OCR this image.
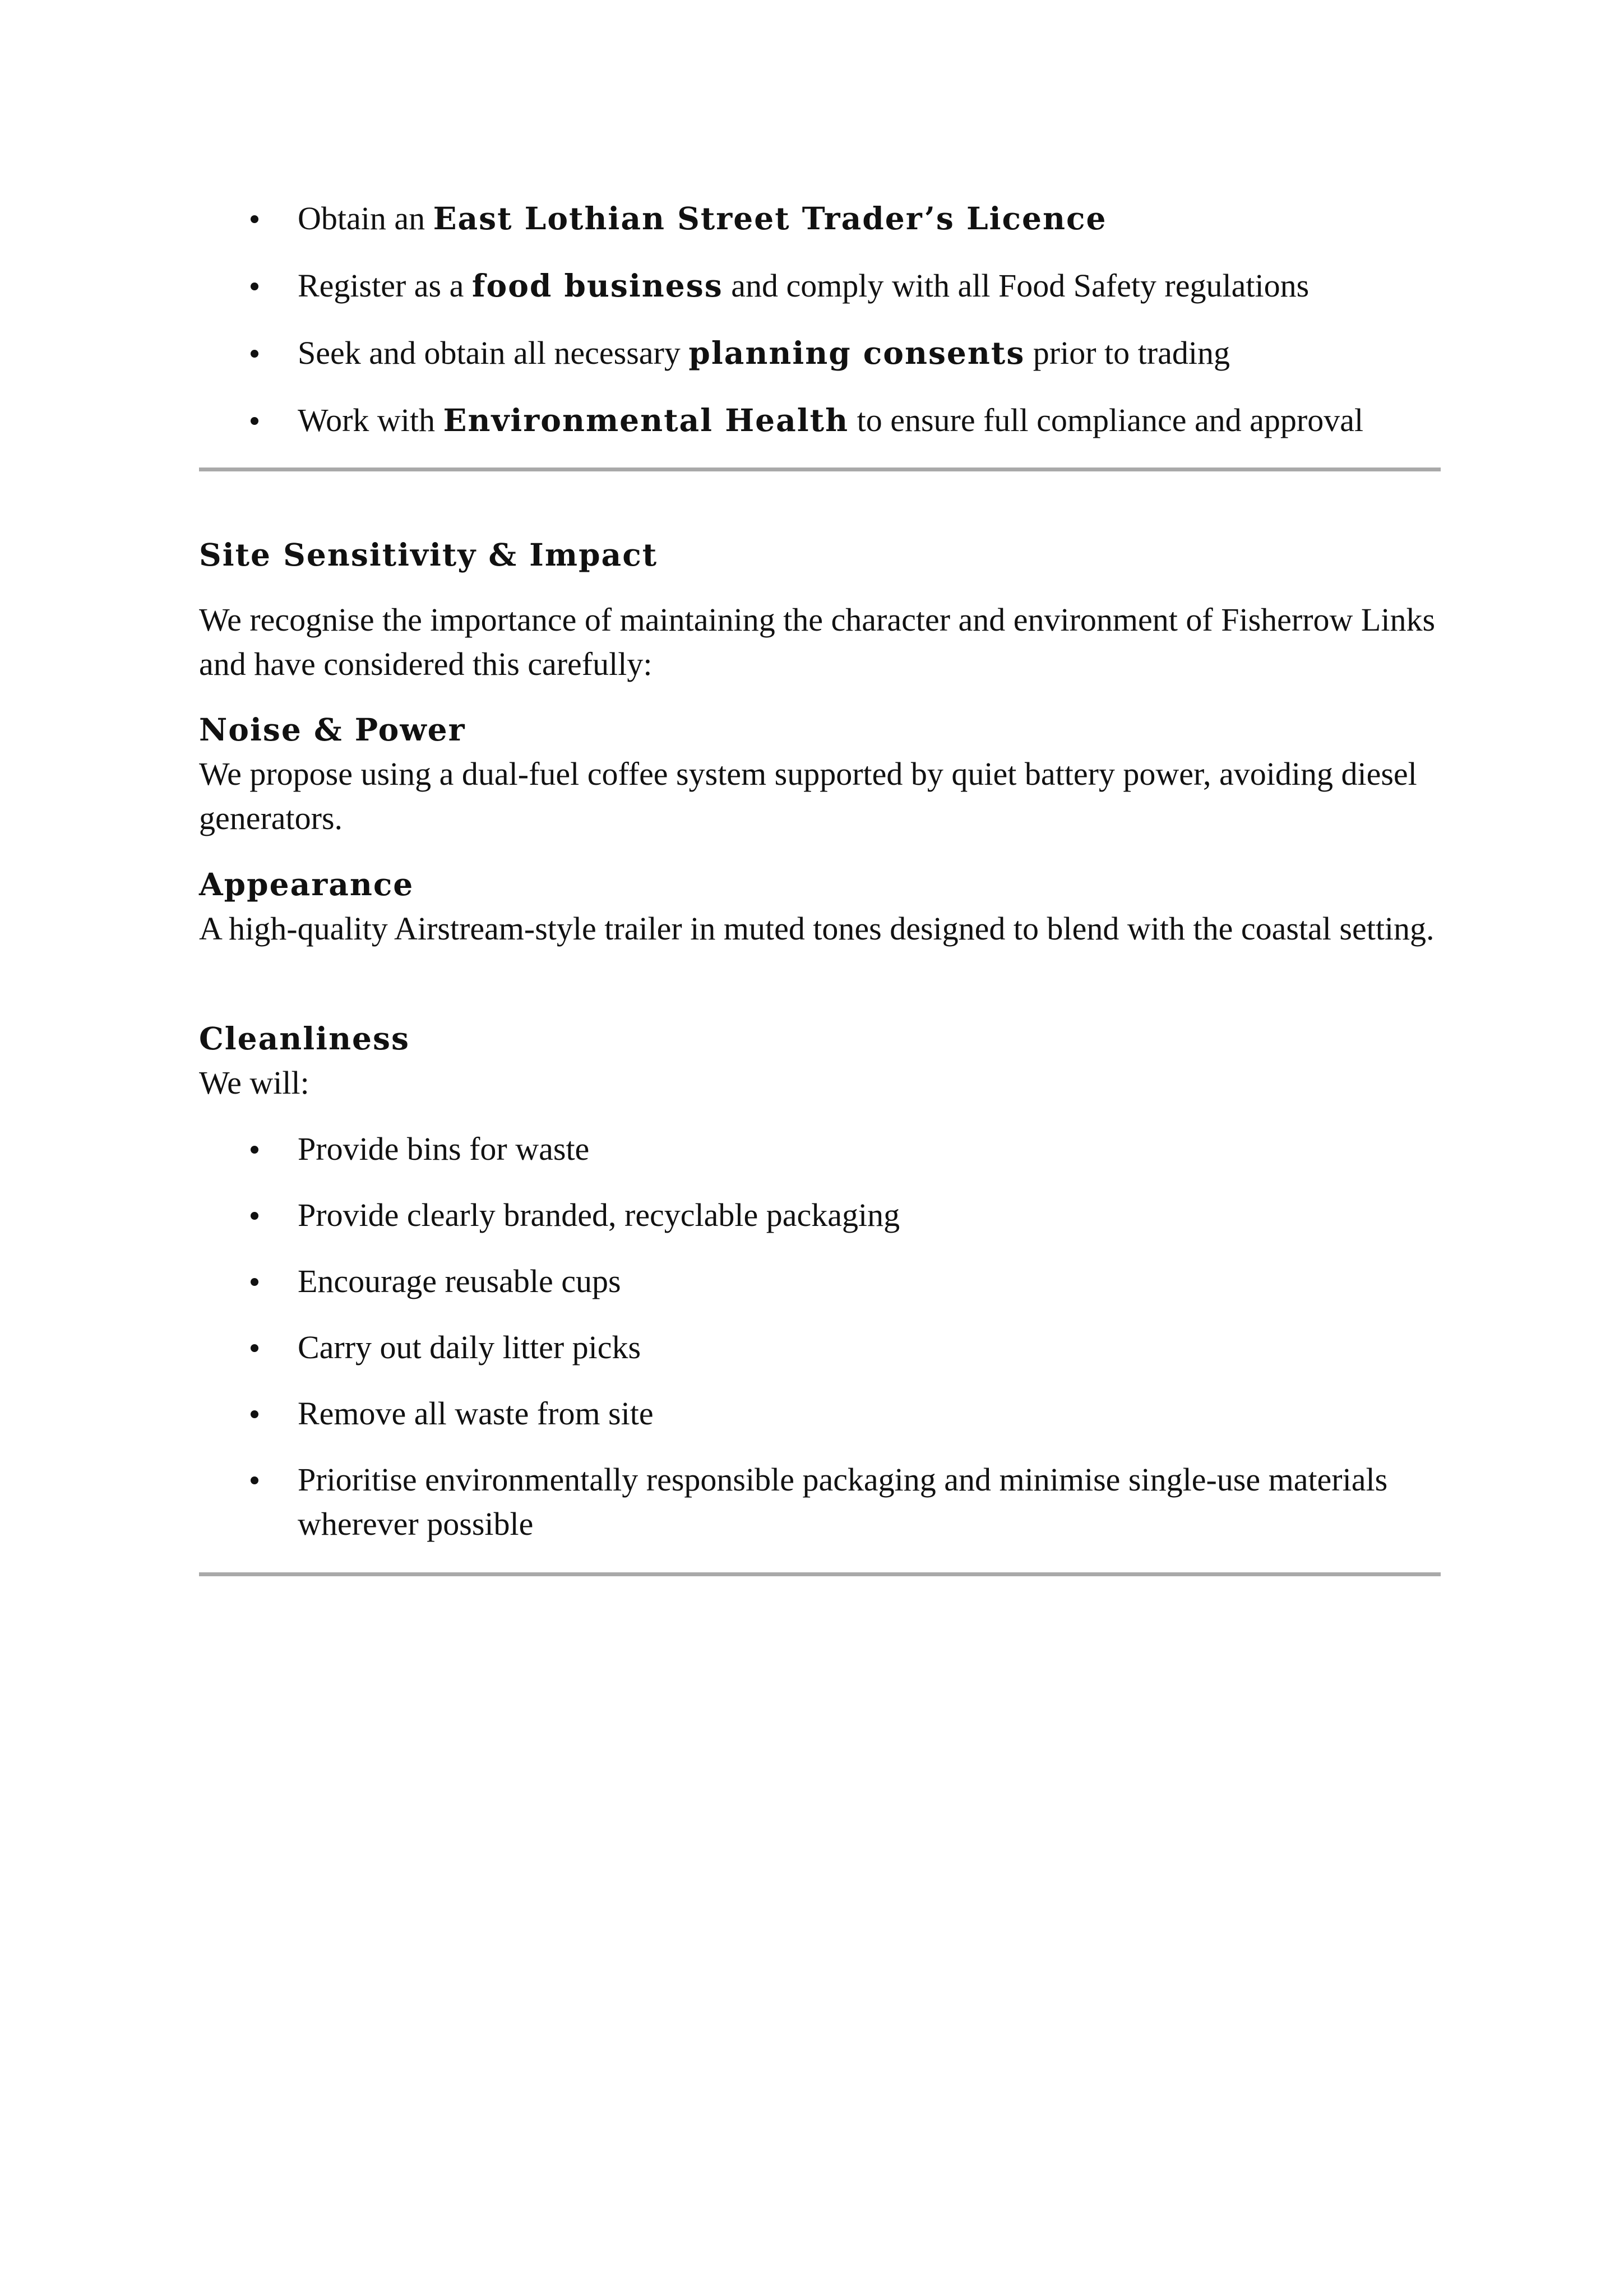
Obtain an East Lothian Street Trader’s Licence
Register as a food business and comply with all Food Safety regulations
Seek and obtain all necessary planning consents prior to trading
Work with Environmental Health to ensure full compliance and approval
Site Sensitivity & Impact
We recognise the importance of maintaining the character and environment of Fisherrow Links and have considered this carefully:
Noise & Power
We propose using a dual-fuel coffee system supported by quiet battery power, avoiding diesel generators.
Appearance
A high-quality Airstream-style trailer in muted tones designed to blend with the coastal setting.
Cleanliness
We will:
Provide bins for waste
Provide clearly branded, recyclable packaging
Encourage reusable cups
Carry out daily litter picks
Remove all waste from site
Prioritise environmentally responsible packaging and minimise single-use materials wherever possible
